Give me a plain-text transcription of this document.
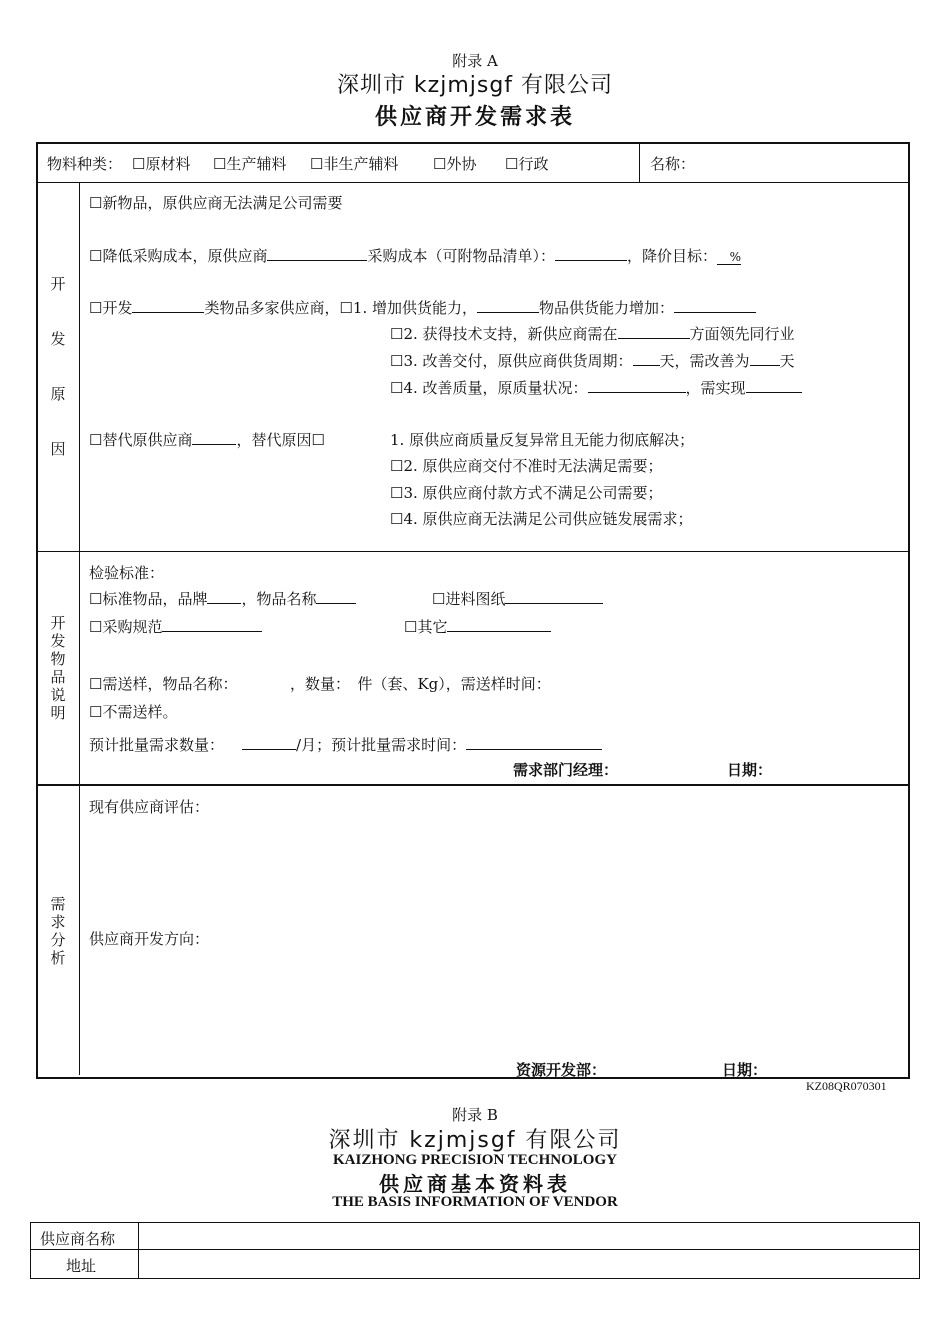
附录 A
深圳市 kzjmjsgf 有限公司
供应商开发需求表
物料种类： ☐原材料 ☐生产辅料 ☐非生产辅料 ☐外协 ☐行政	名称：
开
发
原
因
☐新物品，原供应商无法满足公司需要
☐降低采购成本，原供应商	采购成本（可附物品清单）：	，降价目标： %
☐开发	类物品多家供应商，☐1. 增加供货能力，	物品供货能力增加：
☐2. 获得技术支持，新供应商需在	方面领先同行业
☐3. 改善交付，原供应商供货周期： 天，需改善为 天
☐4. 改善质量，原质量状况：	，需实现
☐替代原供应商	，替代原因☐	1. 原供应商质量反复异常且无能力彻底解决；
☐2. 原供应商交付不准时无法满足需要；
☐3. 原供应商付款方式不满足公司需要；
☐4. 原供应商无法满足公司供应链发展需求；
开
发
物
品
说
明
检验标准：
☐标准物品，品牌 ，物品名称	☐进料图纸
☐采购规范	☐其它
☐需送样，物品名称：　　　　，数量：　件（套、Kg），需送样时间：
☐不需送样。
预计批量需求数量：	/月；预计批量需求时间：
需求部门经理：	日期：
需
求
分
析
现有供应商评估：
供应商开发方向：
资源开发部：	日期：
KZ08QR070301
附录 B
深圳市 kzjmjsgf 有限公司
KAIZHONG PRECISION TECHNOLOGY
供应商基本资料表
THE BASIS INFORMATION OF VENDOR
供应商名称
地址
